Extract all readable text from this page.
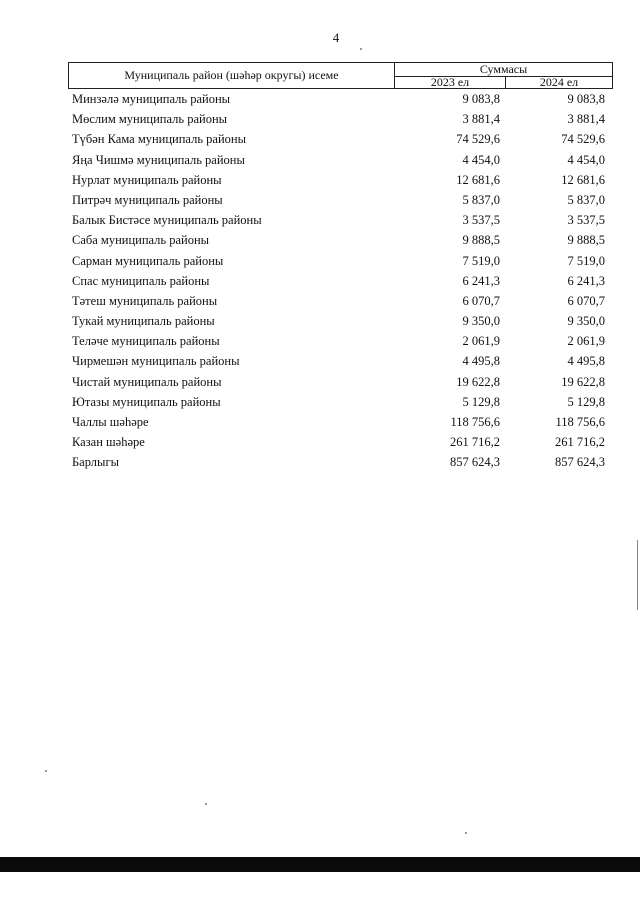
4
Муниципаль район (шәһәр округы) исеме	Суммасы
2023 ел	2024 ел
Минзәлә муниципаль районы	9 083,8	9 083,8
Мөслим муниципаль районы	3 881,4	3 881,4
Түбән Кама муниципаль районы	74 529,6	74 529,6
Яңа Чишмә муниципаль районы	4 454,0	4 454,0
Нурлат муниципаль районы	12 681,6	12 681,6
Питрәч муниципаль районы	5 837,0	5 837,0
Балык Бистәсе муниципаль районы	3 537,5	3 537,5
Саба муниципаль районы	9 888,5	9 888,5
Сарман муниципаль районы	7 519,0	7 519,0
Спас муниципаль районы	6 241,3	6 241,3
Тәтеш муниципаль районы	6 070,7	6 070,7
Тукай муниципаль районы	9 350,0	9 350,0
Теләче муниципаль районы	2 061,9	2 061,9
Чирмешән муниципаль районы	4 495,8	4 495,8
Чистай муниципаль районы	19 622,8	19 622,8
Ютазы муниципаль районы	5 129,8	5 129,8
Чаллы шәһәре	118 756,6	118 756,6
Казан шәһәре	261 716,2	261 716,2
Барлыгы	857 624,3	857 624,3
